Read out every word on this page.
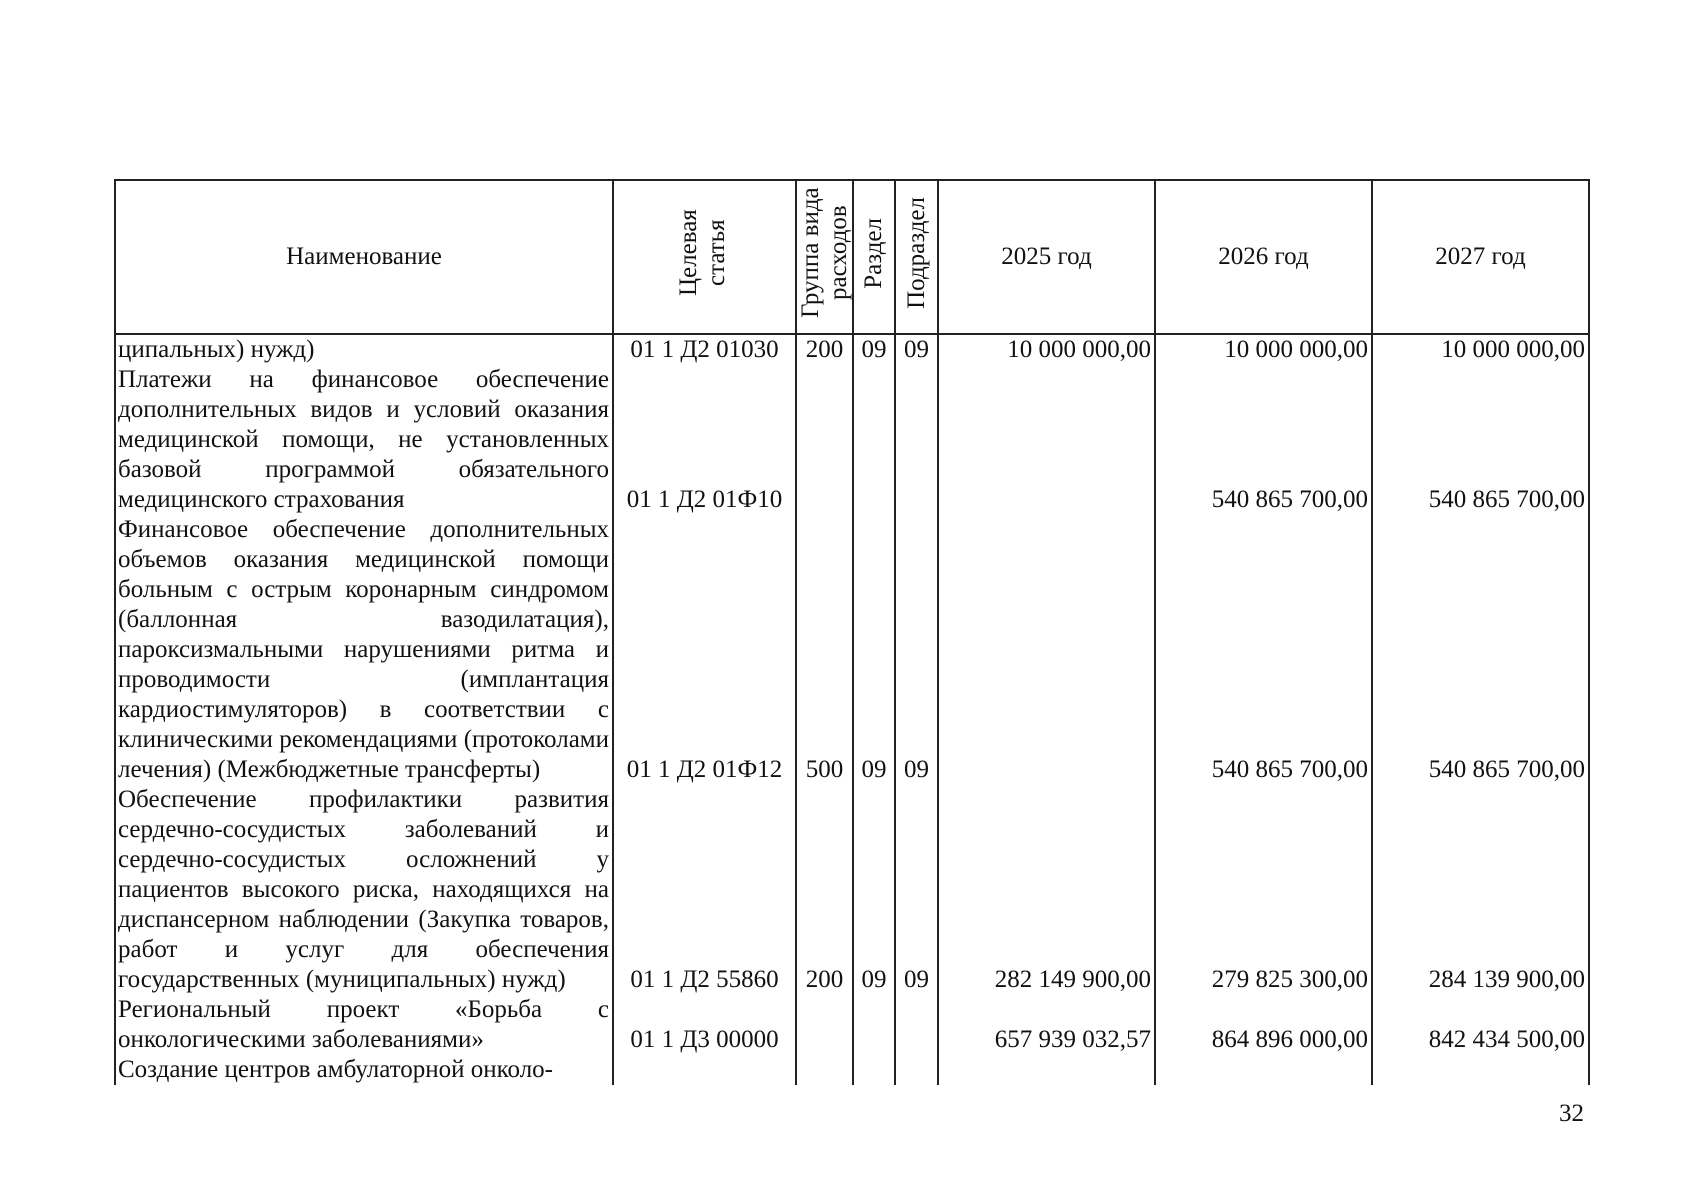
Наименование	Целевая статья	Группа вида расходов	Раздел	Подраздел	2025 год	2026 год	2027 год
ципальных) нужд)	01 1 Д2 01030	200	09	09	10 000 000,00	10 000 000,00	10 000 000,00
Платежи на финансовое обеспечение дополнительных видов и условий оказания медицинской помощи, не установленных базовой программой обязательного медицинского страхования	01 1 Д2 01Ф10					540 865 700,00	540 865 700,00
Финансовое обеспечение дополнительных объемов оказания медицинской помощи больным с острым коронарным синдромом (баллонная вазодилатация), пароксизмальными нарушениями ритма и проводимости (имплантация кардиостимуляторов) в соответствии с клиническими рекомендациями (протоколами лечения) (Межбюджетные трансферты)	01 1 Д2 01Ф12	500	09	09		540 865 700,00	540 865 700,00
Обеспечение профилактики развития сердечно-сосудистых заболеваний и сердечно-сосудистых осложнений у пациентов высокого риска, находящихся на диспансерном наблюдении (Закупка товаров, работ и услуг для обеспечения государственных (муниципальных) нужд)	01 1 Д2 55860	200	09	09	282 149 900,00	279 825 300,00	284 139 900,00
Региональный проект «Борьба с онкологическими заболеваниями»	01 1 Д3 00000				657 939 032,57	864 896 000,00	842 434 500,00
Создание центров амбулаторной онколо-							
32
